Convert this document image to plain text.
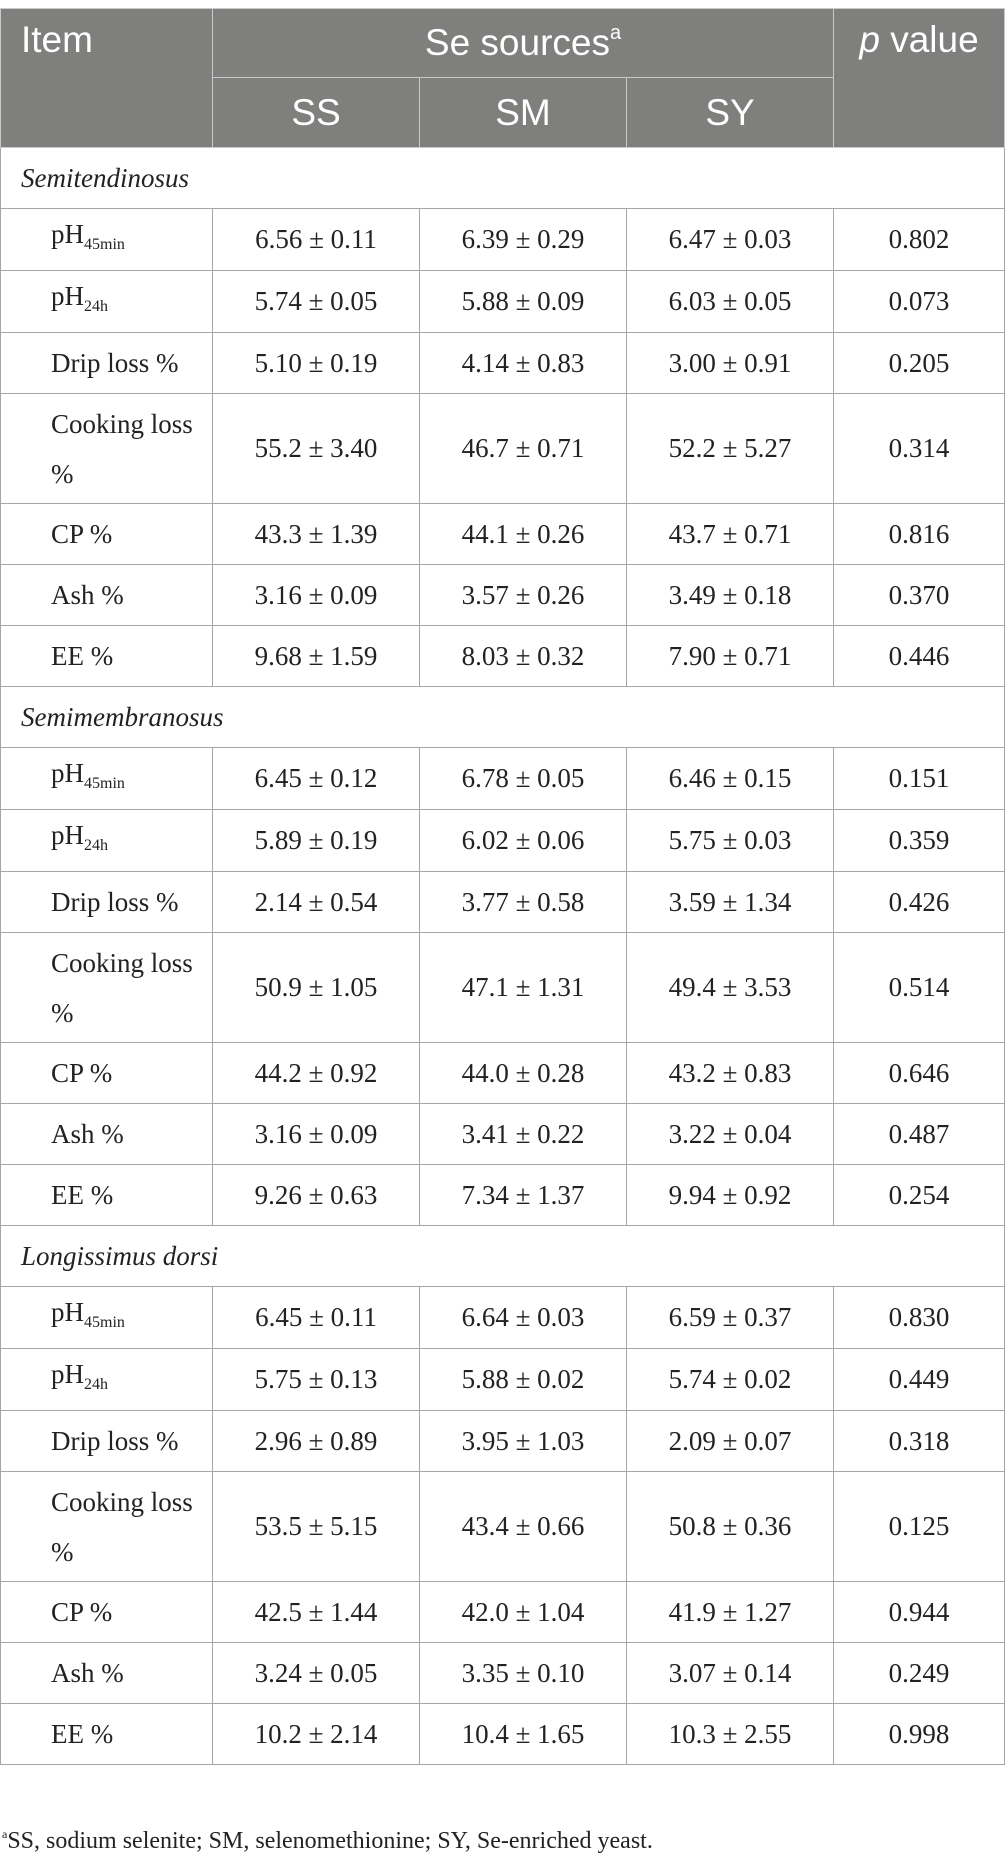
Item	Se sources$^a$			p value
	SS	SM	SY	
Semitendinosus				
$pH_{45min}$	6.56 ± 0.11	6.39 ± 0.29	6.47 ± 0.03	0.802
$pH_{24h}$	5.74 ± 0.05	5.88 ± 0.09	6.03 ± 0.05	0.073
Drip loss %	5.10 ± 0.19	4.14 ± 0.83	3.00 ± 0.91	0.205
Cooking loss %	55.2 ± 3.40	46.7 ± 0.71	52.2 ± 5.27	0.314
CP %	43.3 ± 1.39	44.1 ± 0.26	43.7 ± 0.71	0.816
Ash %	3.16 ± 0.09	3.57 ± 0.26	3.49 ± 0.18	0.370
EE %	9.68 ± 1.59	8.03 ± 0.32	7.90 ± 0.71	0.446
Semimembranosus				
$pH_{45min}$	6.45 ± 0.12	6.78 ± 0.05	6.46 ± 0.15	0.151
$pH_{24h}$	5.89 ± 0.19	6.02 ± 0.06	5.75 ± 0.03	0.359
Drip loss %	2.14 ± 0.54	3.77 ± 0.58	3.59 ± 1.34	0.426
Cooking loss %	50.9 ± 1.05	47.1 ± 1.31	49.4 ± 3.53	0.514
CP %	44.2 ± 0.92	44.0 ± 0.28	43.2 ± 0.83	0.646
Ash %	3.16 ± 0.09	3.41 ± 0.22	3.22 ± 0.04	0.487
EE %	9.26 ± 0.63	7.34 ± 1.37	9.94 ± 0.92	0.254
Longissimus dorsi				
$pH_{45min}$	6.45 ± 0.11	6.64 ± 0.03	6.59 ± 0.37	0.830
$pH_{24h}$	5.75 ± 0.13	5.88 ± 0.02	5.74 ± 0.02	0.449
Drip loss %	2.96 ± 0.89	3.95 ± 1.03	2.09 ± 0.07	0.318
Cooking loss %	53.5 ± 5.15	43.4 ± 0.66	50.8 ± 0.36	0.125
CP %	42.5 ± 1.44	42.0 ± 1.04	41.9 ± 1.27	0.944
Ash %	3.24 ± 0.05	3.35 ± 0.10	3.07 ± 0.14	0.249
EE %	10.2 ± 2.14	10.4 ± 1.65	10.3 ± 2.55	0.998
$^a$SS, sodium selenite; SM, selenomethionine; SY, Se-enriched yeast.
